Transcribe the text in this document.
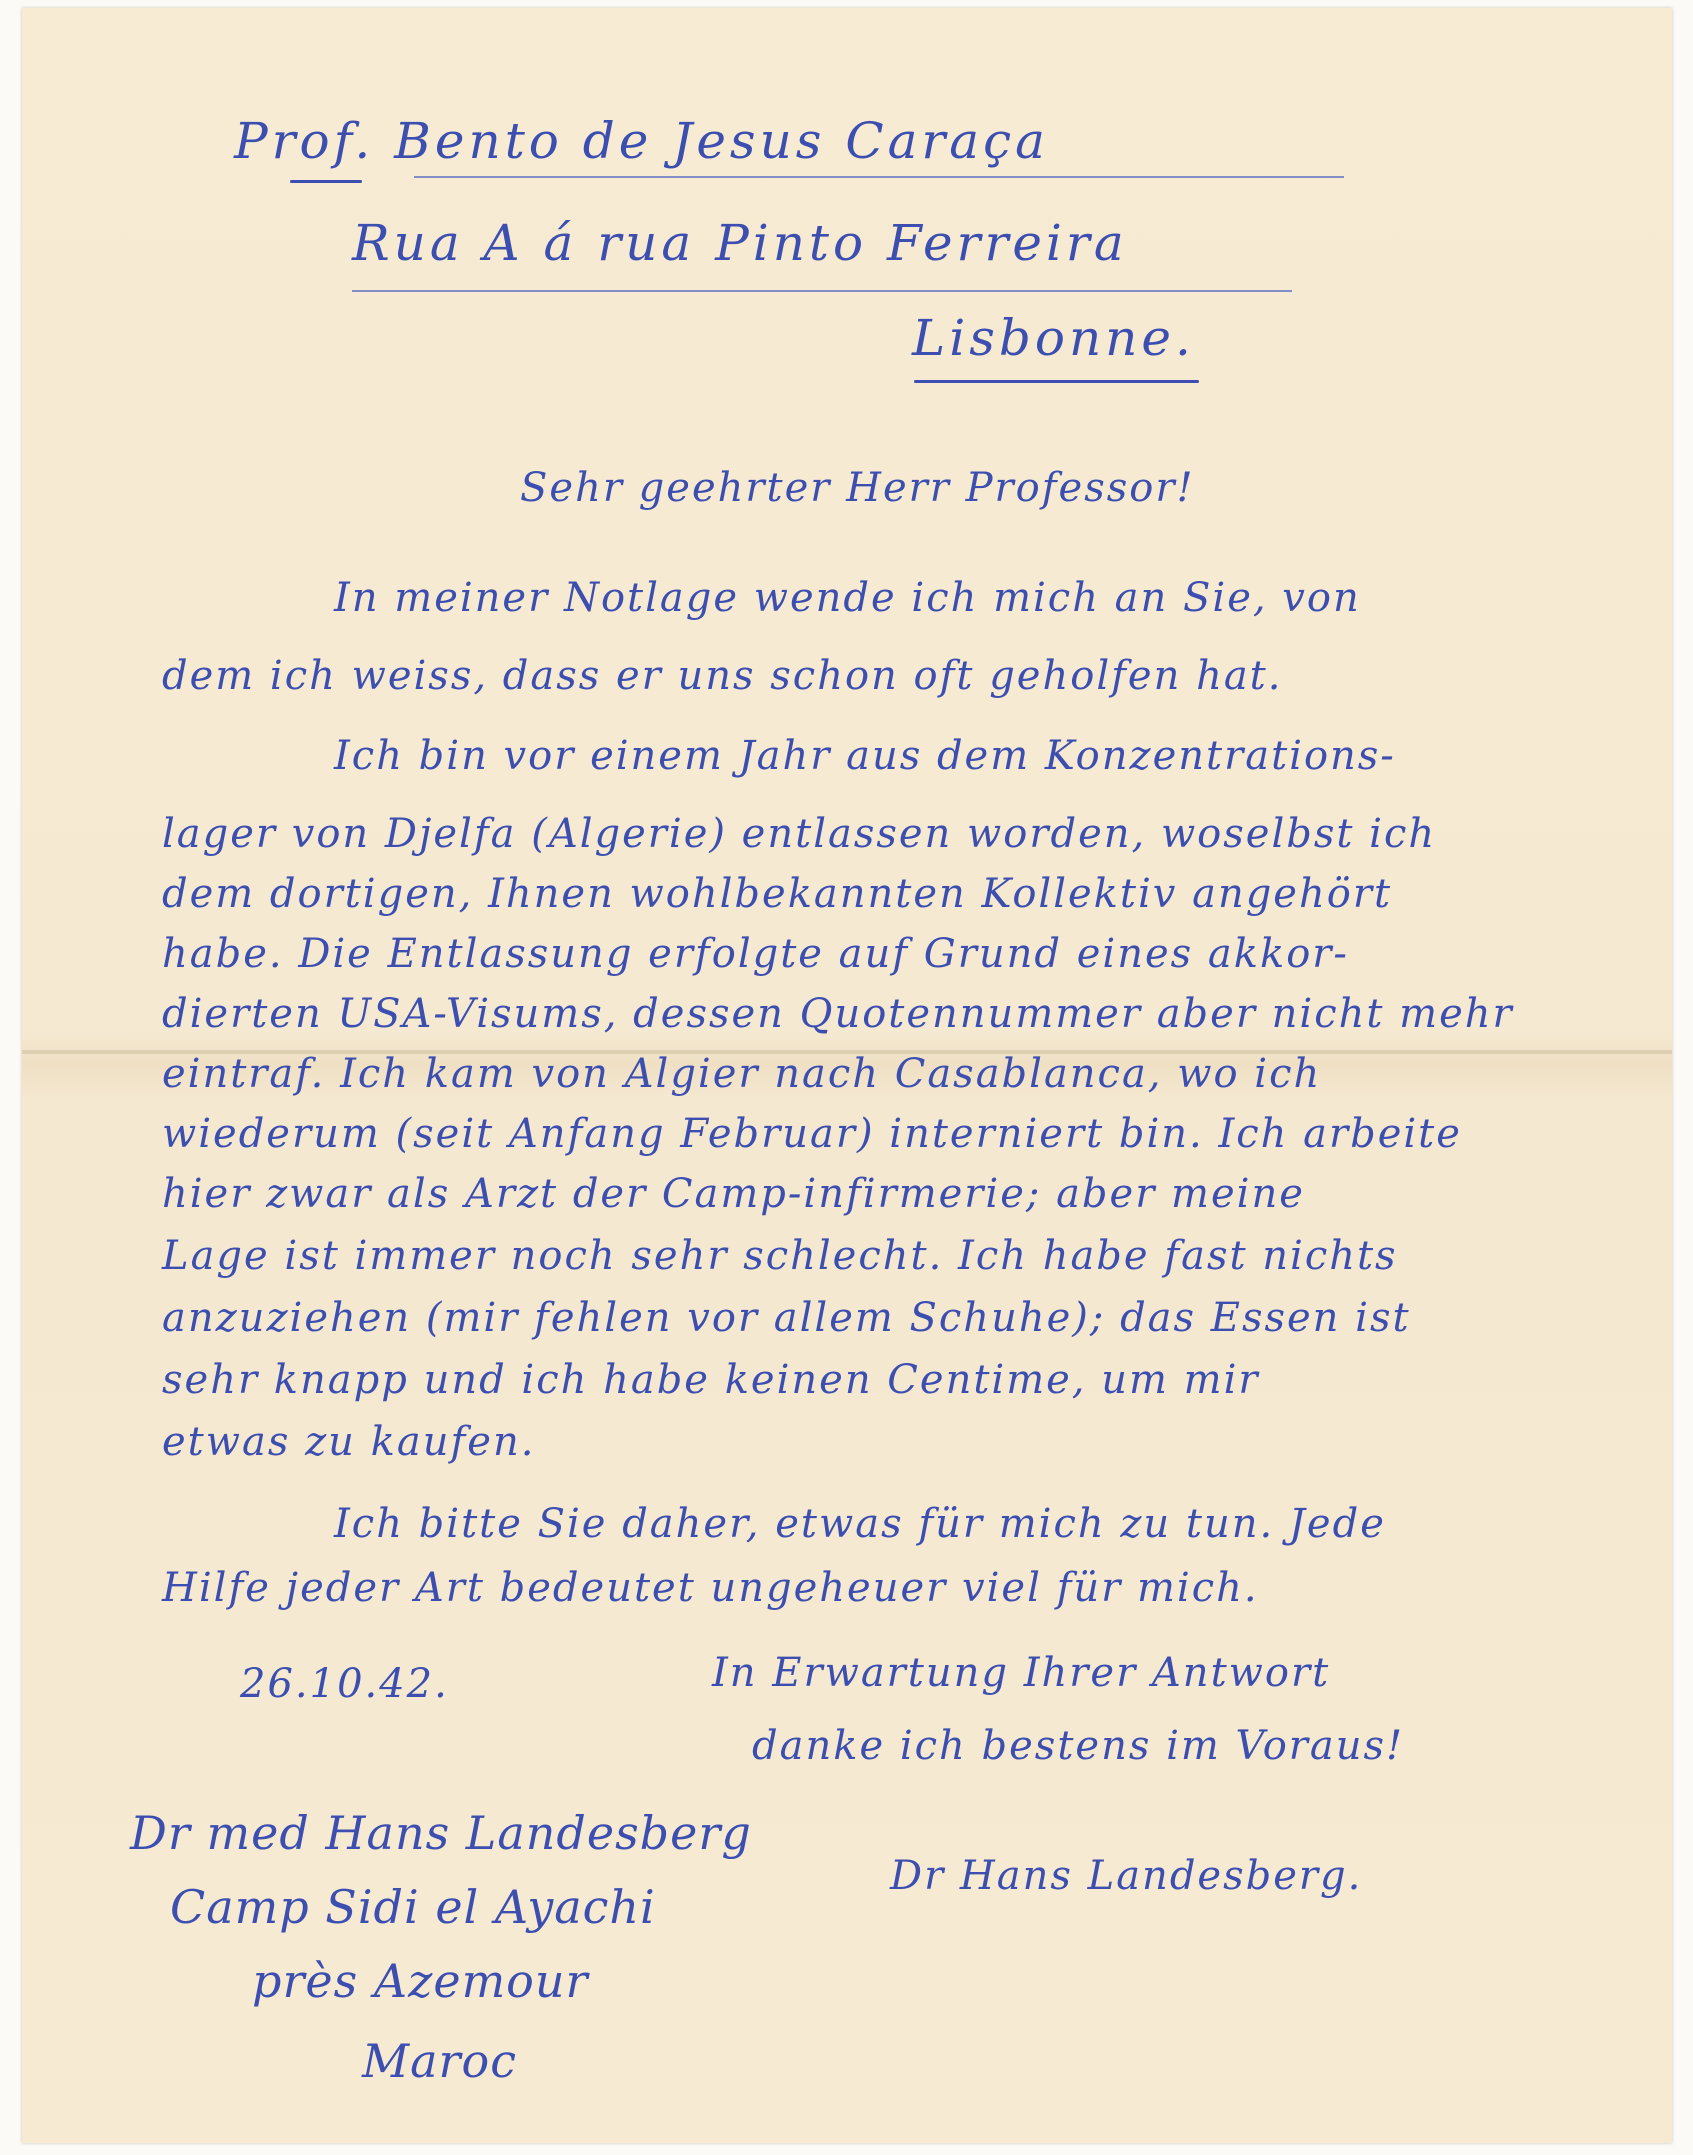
Prof. Bento de Jesus Caraça
Rua A á rua Pinto Ferreira
Lisbonne.
Sehr geehrter Herr Professor!
In meiner Notlage wende ich mich an Sie, von
dem ich weiss, dass er uns schon oft geholfen hat.
Ich bin vor einem Jahr aus dem Konzentrations-
lager von Djelfa (Algerie) entlassen worden, woselbst ich
dem dortigen, Ihnen wohlbekannten Kollektiv angehört
habe. Die Entlassung erfolgte auf Grund eines akkor-
dierten USA-Visums, dessen Quotennummer aber nicht mehr
eintraf. Ich kam von Algier nach Casablanca, wo ich
wiederum (seit Anfang Februar) interniert bin. Ich arbeite
hier zwar als Arzt der Camp-infirmerie; aber meine
Lage ist immer noch sehr schlecht. Ich habe fast nichts
anzuziehen (mir fehlen vor allem Schuhe); das Essen ist
sehr knapp und ich habe keinen Centime, um mir
etwas zu kaufen.
Ich bitte Sie daher, etwas für mich zu tun. Jede
Hilfe jeder Art bedeutet ungeheuer viel für mich.
26.10.42.	In Erwartung Ihrer Antwort
danke ich bestens im Voraus!
Dr med Hans Landesberg
Camp Sidi el Ayachi
près Azemour
Maroc
Dr Hans Landesberg.
